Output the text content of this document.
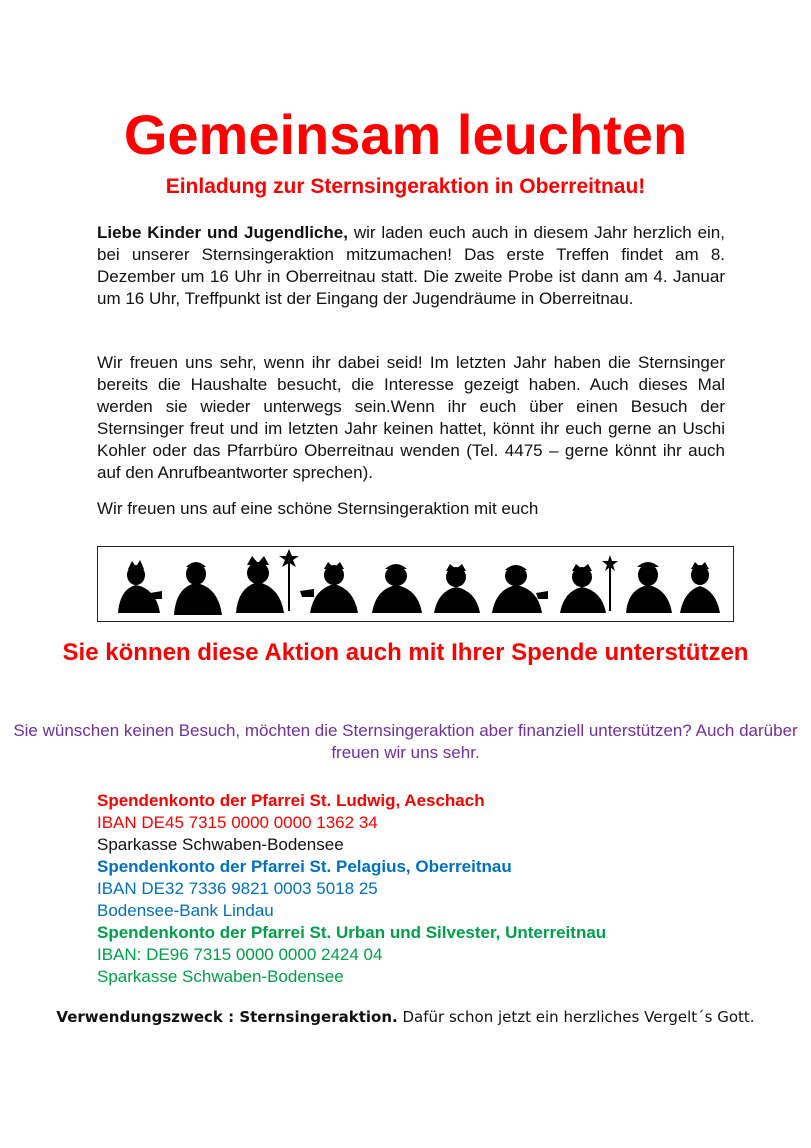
Gemeinsam leuchten
Einladung zur Sternsingeraktion in Oberreitnau!
Liebe Kinder und Jugendliche, wir laden euch auch in diesem Jahr herzlich ein, bei unserer Sternsingeraktion mitzumachen! Das erste Treffen findet am 8. Dezember um 16 Uhr in Oberreitnau statt. Die zweite Probe ist dann am 4. Januar um 16 Uhr, Treffpunkt ist der Eingang der Jugendräume in Oberreitnau.
Wir freuen uns sehr, wenn ihr dabei seid! Im letzten Jahr haben die Sternsinger bereits die Haushalte besucht, die Interesse gezeigt haben. Auch dieses Mal werden sie wieder unterwegs sein.Wenn ihr euch über einen Besuch der Sternsinger freut und im letzten Jahr keinen hattet, könnt ihr euch gerne an Uschi Kohler oder das Pfarrbüro Oberreitnau wenden (Tel. 4475 – gerne könnt ihr auch auf den Anrufbeantworter sprechen).
Wir freuen uns auf eine schöne Sternsingeraktion mit euch
Sie können diese Aktion auch mit Ihrer Spende unterstützen
Sie wünschen keinen Besuch, möchten die Sternsingeraktion aber finanziell unterstützen? Auch darüber freuen wir uns sehr.
Spendenkonto der Pfarrei St. Ludwig, Aeschach
IBAN DE45 7315 0000 0000 1362 34
Sparkasse Schwaben-Bodensee
Spendenkonto der Pfarrei St. Pelagius, Oberreitnau
IBAN DE32 7336 9821 0003 5018 25
Bodensee-Bank Lindau
Spendenkonto der Pfarrei St. Urban und Silvester, Unterreitnau
IBAN: DE96 7315 0000 0000 2424 04
Sparkasse Schwaben-Bodensee
Verwendungszweck : Sternsingeraktion. Dafür schon jetzt ein herzliches Vergelt´s Gott.
